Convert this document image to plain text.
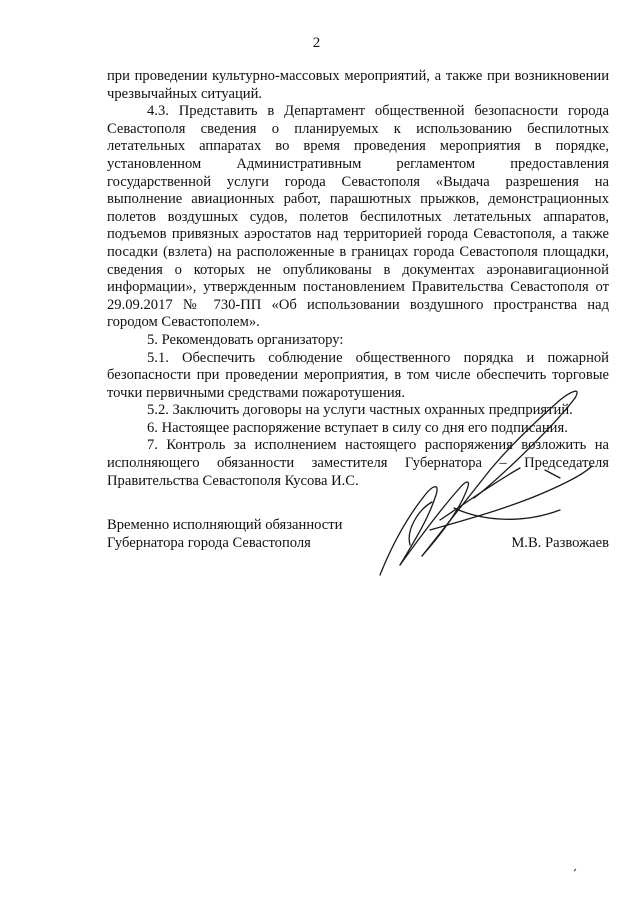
2

при проведении культурно-массовых мероприятий, а также при возникновении чрезвычайных ситуаций.

4.3. Представить в Департамент общественной безопасности города Севастополя сведения о планируемых к использованию беспилотных летательных аппаратах во время проведения мероприятия в порядке, установленном Административным регламентом предоставления государственной услуги города Севастополя «Выдача разрешения на выполнение авиационных работ, парашютных прыжков, демонстрационных полетов воздушных судов, полетов беспилотных летательных аппаратов, подъемов привязных аэростатов над территорией города Севастополя, а также посадки (взлета) на расположенные в границах города Севастополя площадки, сведения о которых не опубликованы в документах аэронавигационной информации», утвержденным постановлением Правительства Севастополя от 29.09.2017 № 730-ПП «Об использовании воздушного пространства над городом Севастополем».

5. Рекомендовать организатору:

5.1. Обеспечить соблюдение общественного порядка и пожарной безопасности при проведении мероприятия, в том числе обеспечить торговые точки первичными средствами пожаротушения.

5.2. Заключить договоры на услуги частных охранных предприятий.

6. Настоящее распоряжение вступает в силу со дня его подписания.

7. Контроль за исполнением настоящего распоряжения возложить на исполняющего обязанности заместителя Губернатора – Председателя Правительства Севастополя Кусова И.С.

Временно исполняющий обязанности

Губернатора города Севастополя	М.В. Развожаев
